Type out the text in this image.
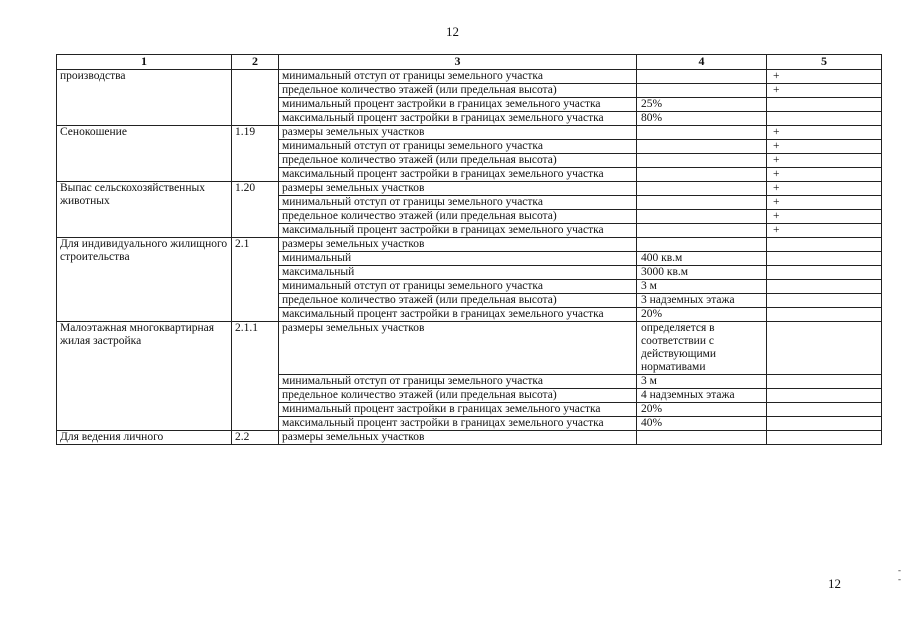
12
1	2	3	4	5
производства		минимальный отступ от границы земельного участка		+
		предельное количество этажей (или предельная высота)		+
		минимальный процент застройки в границах земельного участка	25%	
		максимальный процент застройки в границах земельного участка	80%	
Сенокошение	1.19	размеры земельных участков		+
		минимальный отступ от границы земельного участка		+
		предельное количество этажей (или предельная высота)		+
		максимальный процент застройки в границах земельного участка		+
Выпас сельскохозяйственных животных	1.20	размеры земельных участков		+
		минимальный отступ от границы земельного участка		+
		предельное количество этажей (или предельная высота)		+
		максимальный процент застройки в границах земельного участка		+
Для индивидуального жилищного строительства	2.1	размеры земельных участков		
		минимальный	400 кв.м	
		максимальный	3000 кв.м	
		минимальный отступ от границы земельного участка	3 м	
		предельное количество этажей (или предельная высота)	3 надземных этажа	
		максимальный процент застройки в границах земельного участка	20%	
Малоэтажная многоквартирная жилая застройка	2.1.1	размеры земельных участков	определяется в соответствии с действующими нормативами	
		минимальный отступ от границы земельного участка	3 м	
		предельное количество этажей (или предельная высота)	4 надземных этажа	
		минимальный процент застройки в границах земельного участка	20%	
		максимальный процент застройки в границах земельного участка	40%	
Для ведения личного	2.2	размеры земельных участков		
12
-
-
